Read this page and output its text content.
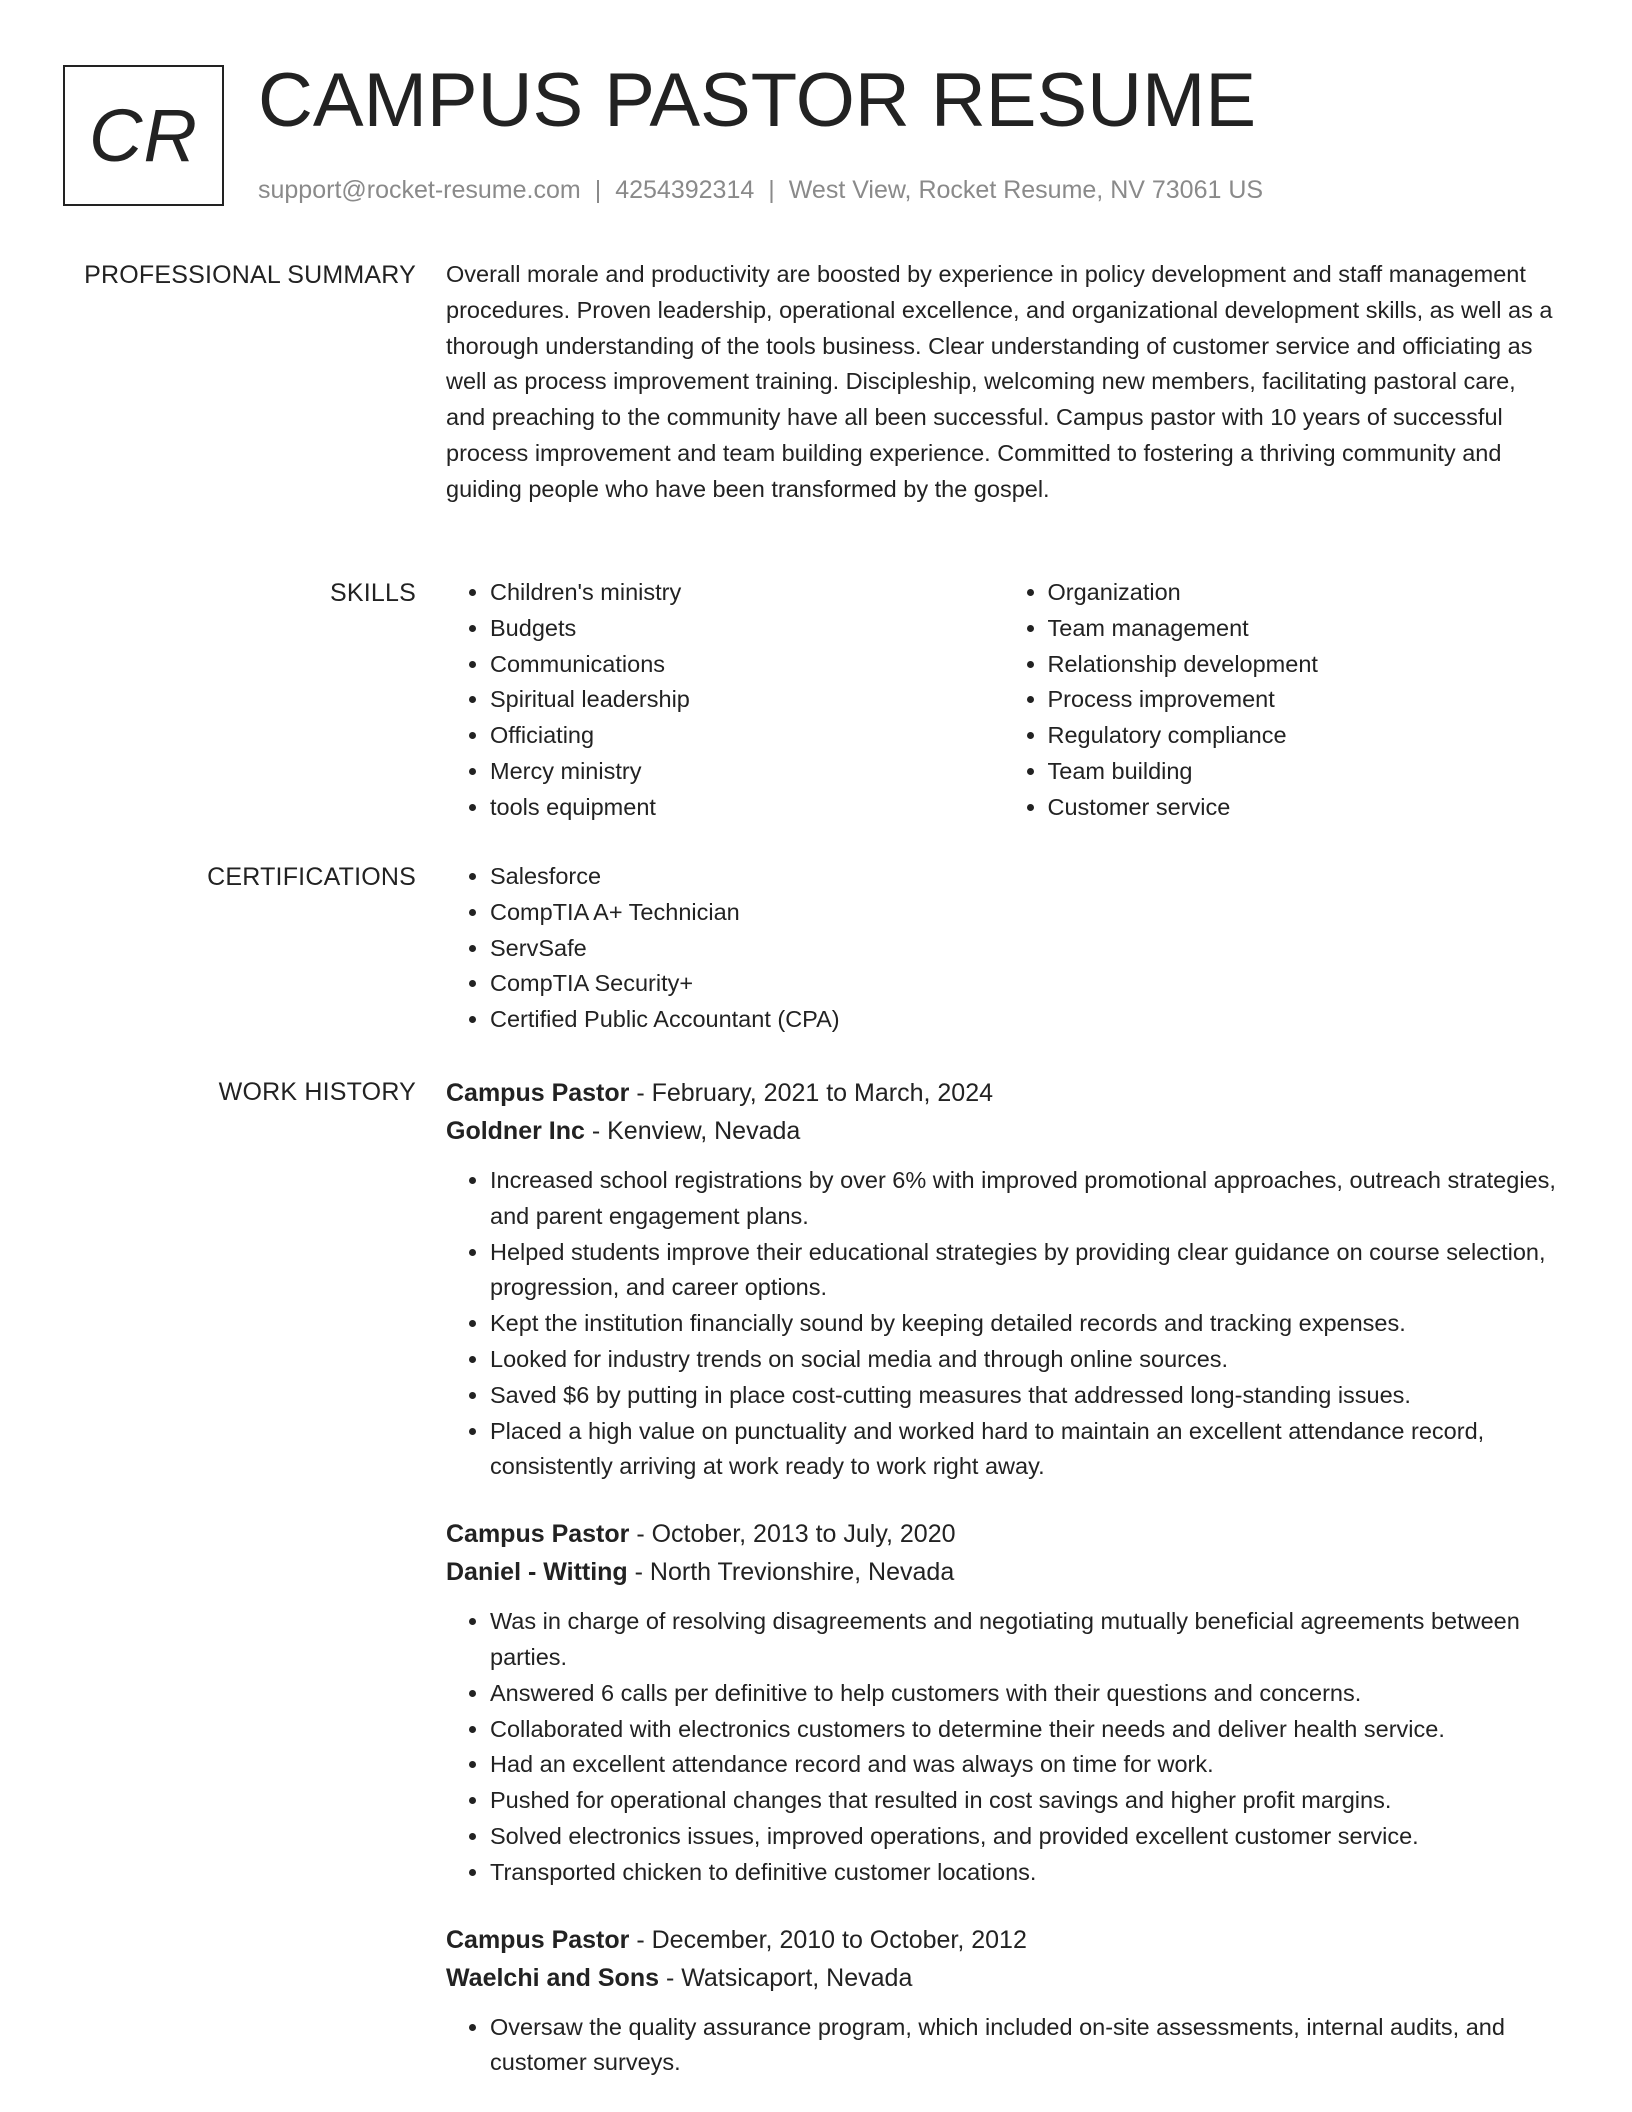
CR CAMPUS PASTOR RESUME
support@rocket-resume.com | 4254392314 | West View, Rocket Resume, NV 73061 US
PROFESSIONAL SUMMARY Overall morale and productivity are boosted by experience in policy development and staff management procedures. Proven leadership, operational excellence, and organizational development skills, as well as a thorough understanding of the tools business. Clear understanding of customer service and officiating as well as process improvement training. Discipleship, welcoming new members, facilitating pastoral care, and preaching to the community have all been successful. Campus pastor with 10 years of successful process improvement and team building experience. Committed to fostering a thriving community and guiding people who have been transformed by the gospel.

SKILLS	• Children's ministry
• Budgets
• Communications
• Spiritual leadership
• Officiating
• Mercy ministry
• tools equipment
• Organization
• Team management
• Relationship development
• Process improvement
• Regulatory compliance
• Team building
• Customer service
CERTIFICATIONS	• Salesforce
• CompTIA A+ Technician
• ServSafe
• CompTIA Security+
• Certified Public Accountant (CPA)
WORK HISTORY Campus Pastor - February, 2021 to March, 2024
Goldner Inc - Kenview, Nevada
• Increased school registrations by over 6% with improved promotional approaches, outreach strategies, and parent engagement plans.
• Helped students improve their educational strategies by providing clear guidance on course selection, progression, and career options.
• Kept the institution financially sound by keeping detailed records and tracking expenses.
• Looked for industry trends on social media and through online sources.
• Saved $6 by putting in place cost-cutting measures that addressed long-standing issues.
• Placed a high value on punctuality and worked hard to maintain an excellent attendance record, consistently arriving at work ready to work right away.
Campus Pastor - October, 2013 to July, 2020
Daniel - Witting - North Trevionshire, Nevada
• Was in charge of resolving disagreements and negotiating mutually beneficial agreements between parties.
• Answered 6 calls per definitive to help customers with their questions and concerns.
• Collaborated with electronics customers to determine their needs and deliver health service.
• Had an excellent attendance record and was always on time for work.
• Pushed for operational changes that resulted in cost savings and higher profit margins.
• Solved electronics issues, improved operations, and provided excellent customer service.
• Transported chicken to definitive customer locations.
Campus Pastor - December, 2010 to October, 2012
Waelchi and Sons - Watsicaport, Nevada
• Oversaw the quality assurance program, which included on-site assessments, internal audits, and customer surveys.
